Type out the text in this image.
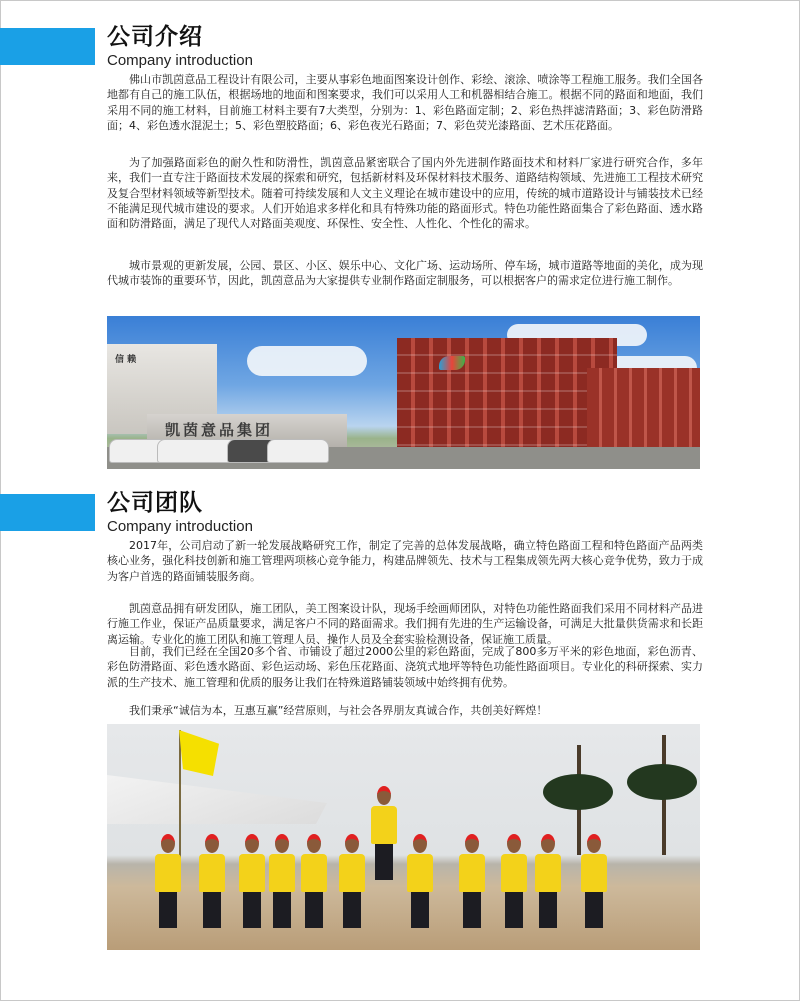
公司介绍
Company introduction

佛山市凯茵意品工程设计有限公司，主要从事彩色地面图案设计创作、彩绘、滚涂、喷涂等工程施工服务。我们全国各地都有自己的施工队伍，根据场地的地面和图案要求，我们可以采用人工和机器相结合施工。根据不同的路面和地面，我们采用不同的施工材料，目前施工材料主要有7大类型，分别为：1、彩色路面定制；2、彩色热拌滤清路面；3、彩色防滑路面；4、彩色透水混泥土；5、彩色塑胶路面；6、彩色夜光石路面；7、彩色荧光漆路面、艺术压花路面。

为了加强路面彩色的耐久性和防滑性，凯茵意品紧密联合了国内外先进制作路面技术和材料厂家进行研究合作，多年来，我们一直专注于路面技术发展的探索和研究，包括新材料及环保材料技术服务、道路结构领域、先进施工工程技术研究及复合型材料领域等新型技术。随着可持续发展和人文主义理论在城市建设中的应用，传统的城市道路设计与铺装技术已经不能满足现代城市建设的要求。人们开始追求多样化和具有特殊功能的路面形式。特色功能性路面集合了彩色路面、透水路面和防滑路面，满足了现代人对路面美观度、环保性、安全性、人性化、个性化的需求。

城市景观的更新发展，公园、景区、小区、娱乐中心、文化广场、运动场所、停车场，城市道路等地面的美化，成为现代城市装饰的重要环节，因此，凯茵意品为大家提供专业制作路面定制服务，可以根据客户的需求定位进行施工制作。

信 赖
凯茵意品集团
公司团队
Company introduction

2017年，公司启动了新一轮发展战略研究工作，制定了完善的总体发展战略，确立特色路面工程和特色路面产品两类核心业务，强化科技创新和施工管理两项核心竞争能力，构建品牌领先、技术与工程集成领先两大核心竞争优势，致力于成为客户首选的路面铺装服务商。

凯茵意品拥有研发团队，施工团队，美工图案设计队，现场手绘画师团队，对特色功能性路面我们采用不同材料产品进行施工作业，保证产品质量要求，满足客户不同的路面需求。我们拥有先进的生产运输设备，可满足大批量供货需求和长距离运输。专业化的施工团队和施工管理人员、操作人员及全套实验检测设备，保证施工质量。

目前，我们已经在全国20多个省、市铺设了超过2000公里的彩色路面，完成了800多万平米的彩色地面，彩色沥青、彩色防滑路面、彩色透水路面、彩色运动场、彩色压花路面、浇筑式地坪等特色功能性路面项目。专业化的科研探索、实力派的生产技术、施工管理和优质的服务让我们在特殊道路铺装领域中始终拥有优势。

我们秉承“诚信为本，互惠互赢”经营原则，与社会各界朋友真诚合作，共创美好辉煌！
